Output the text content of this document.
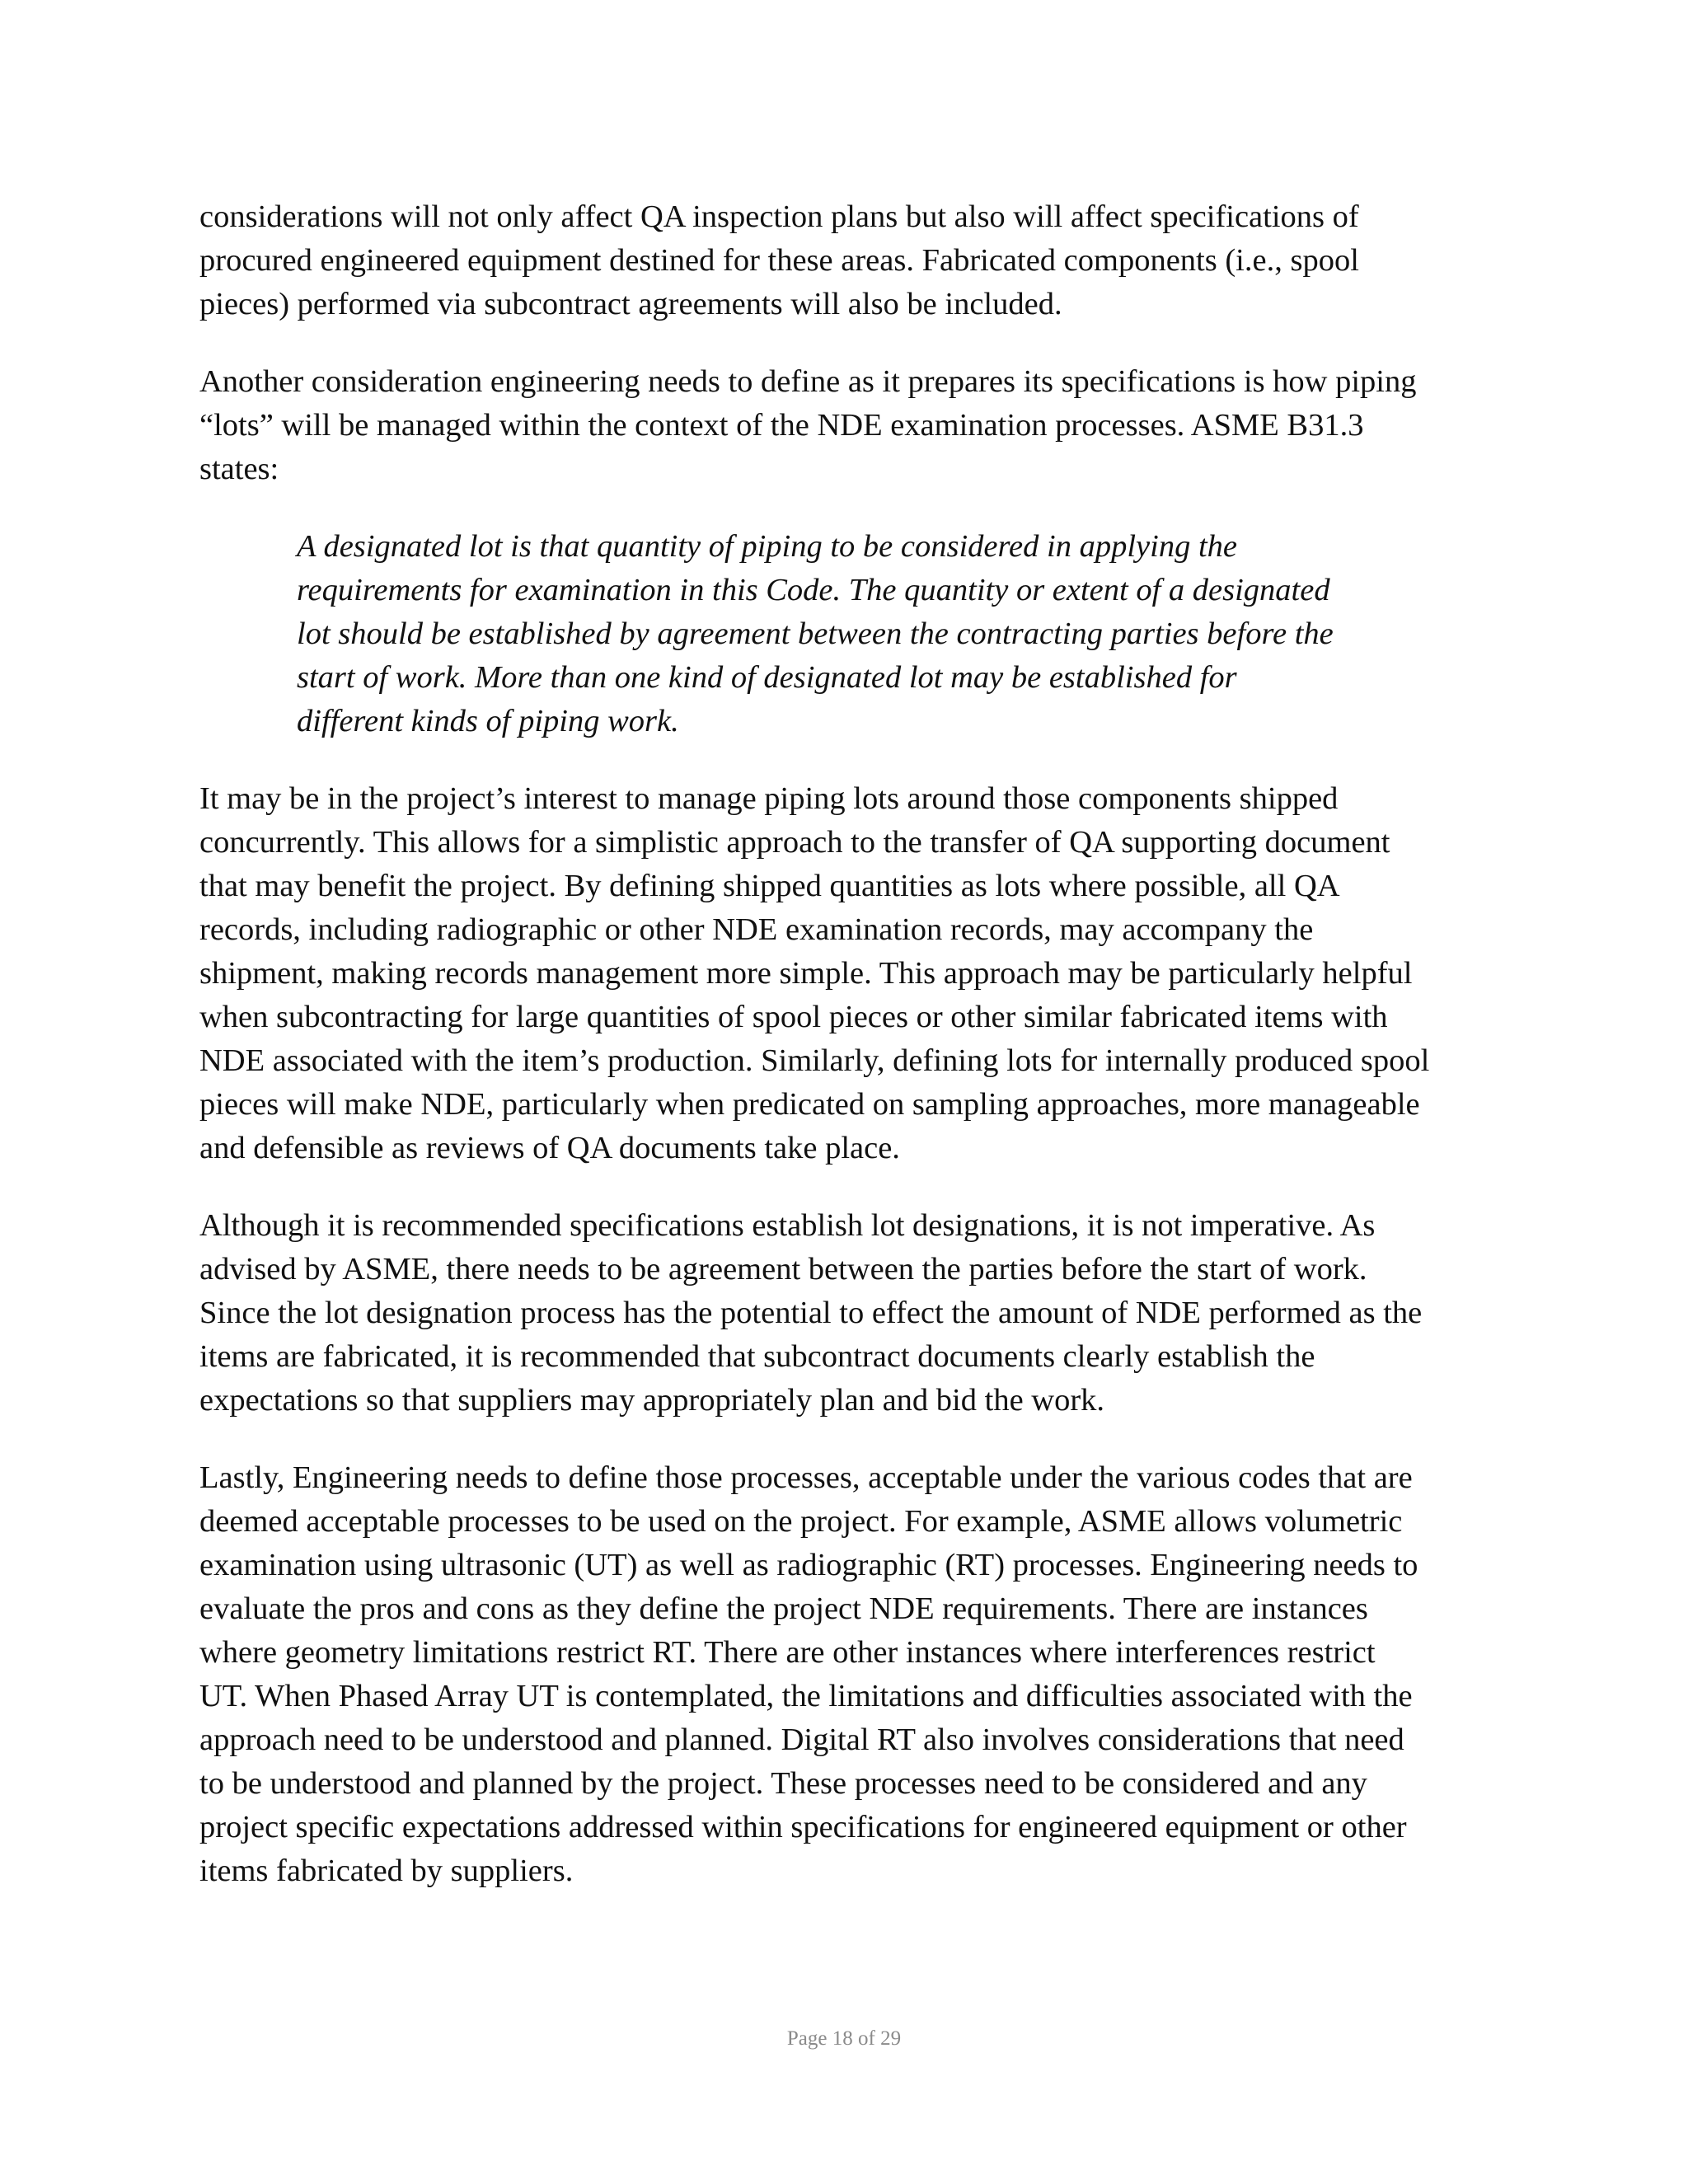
considerations will not only affect QA inspection plans but also will affect specifications of
procured engineered equipment destined for these areas. Fabricated components (i.e., spool
pieces) performed via subcontract agreements will also be included.

Another consideration engineering needs to define as it prepares its specifications is how piping
“lots” will be managed within the context of the NDE examination processes. ASME B31.3
states:

A designated lot is that quantity of piping to be considered in applying the
requirements for examination in this Code. The quantity or extent of a designated
lot should be established by agreement between the contracting parties before the
start of work. More than one kind of designated lot may be established for
different kinds of piping work.

It may be in the project’s interest to manage piping lots around those components shipped
concurrently. This allows for a simplistic approach to the transfer of QA supporting document
that may benefit the project. By defining shipped quantities as lots where possible, all QA
records, including radiographic or other NDE examination records, may accompany the
shipment, making records management more simple. This approach may be particularly helpful
when subcontracting for large quantities of spool pieces or other similar fabricated items with
NDE associated with the item’s production. Similarly, defining lots for internally produced spool
pieces will make NDE, particularly when predicated on sampling approaches, more manageable
and defensible as reviews of QA documents take place.

Although it is recommended specifications establish lot designations, it is not imperative. As
advised by ASME, there needs to be agreement between the parties before the start of work.
Since the lot designation process has the potential to effect the amount of NDE performed as the
items are fabricated, it is recommended that subcontract documents clearly establish the
expectations so that suppliers may appropriately plan and bid the work.

Lastly, Engineering needs to define those processes, acceptable under the various codes that are
deemed acceptable processes to be used on the project. For example, ASME allows volumetric
examination using ultrasonic (UT) as well as radiographic (RT) processes. Engineering needs to
evaluate the pros and cons as they define the project NDE requirements. There are instances
where geometry limitations restrict RT. There are other instances where interferences restrict
UT. When Phased Array UT is contemplated, the limitations and difficulties associated with the
approach need to be understood and planned. Digital RT also involves considerations that need
to be understood and planned by the project. These processes need to be considered and any
project specific expectations addressed within specifications for engineered equipment or other
items fabricated by suppliers.

Page 18 of 29
